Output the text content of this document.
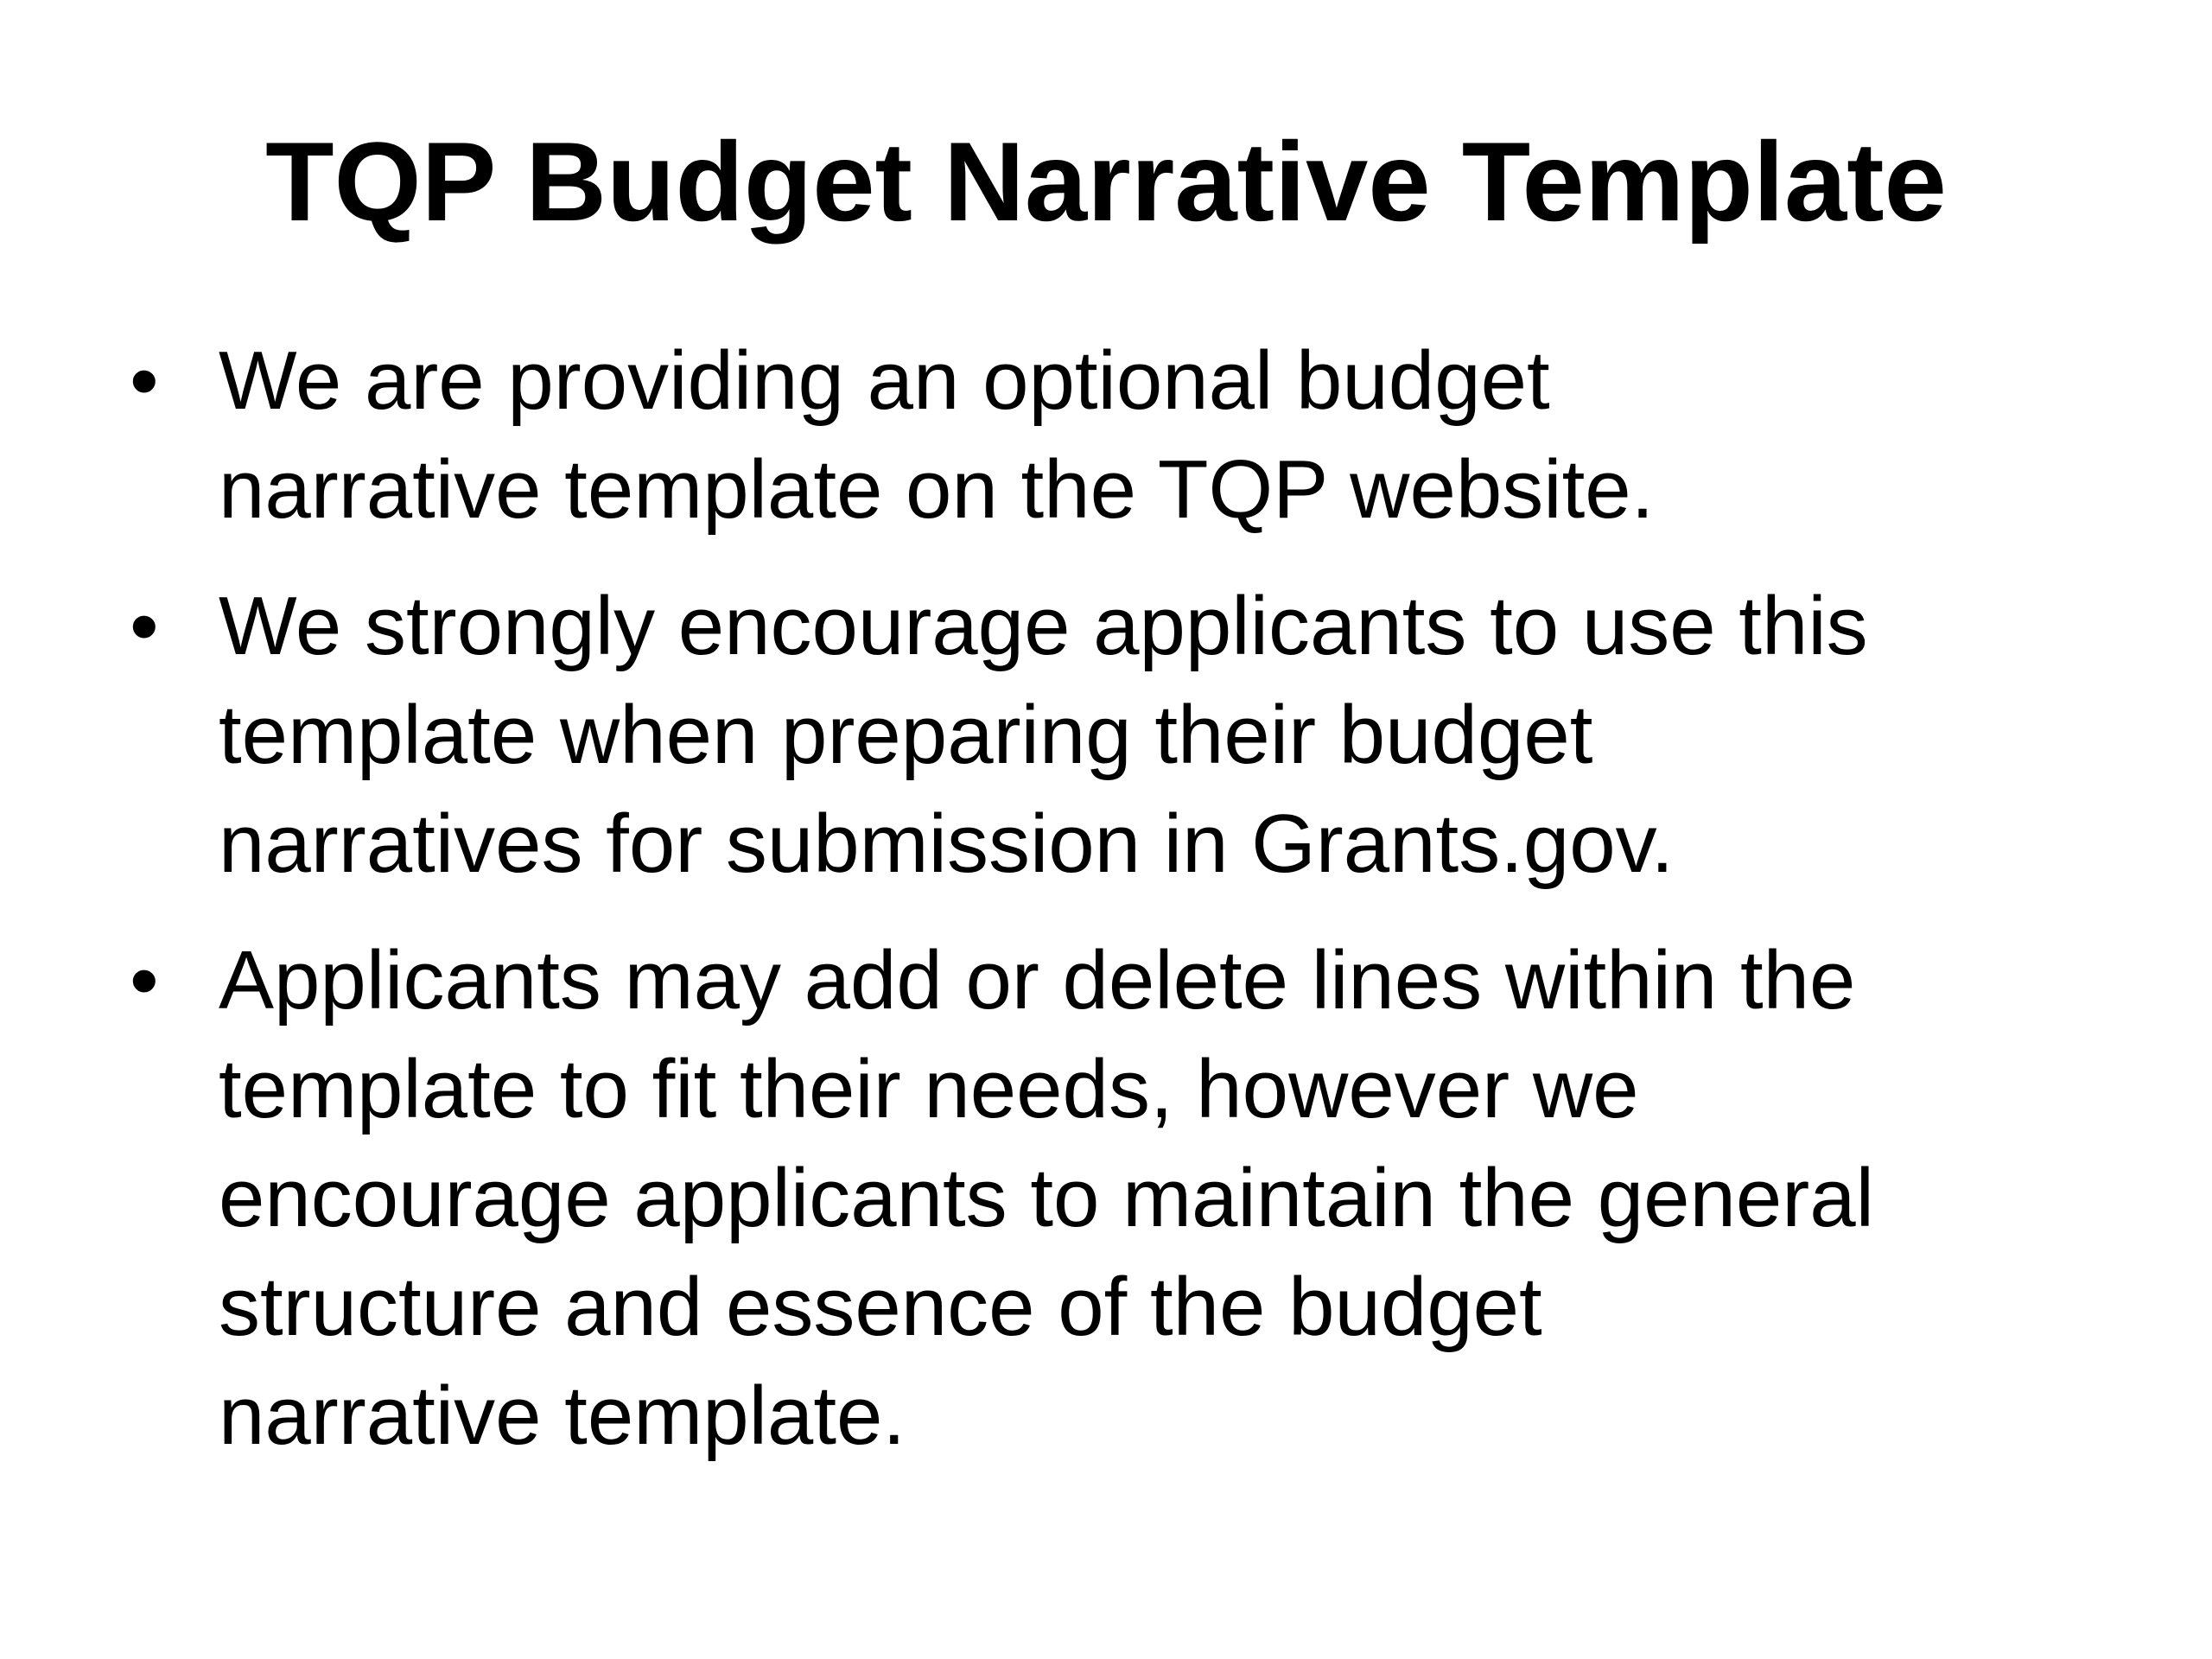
TQP Budget Narrative Template
• We are providing an optional budget
narrative template on the TQP website.
• We strongly encourage applicants to use this
template when preparing their budget
narratives for submission in Grants.gov.
• Applicants may add or delete lines within the
template to fit their needs, however we
encourage applicants to maintain the general
structure and essence of the budget
narrative template.
